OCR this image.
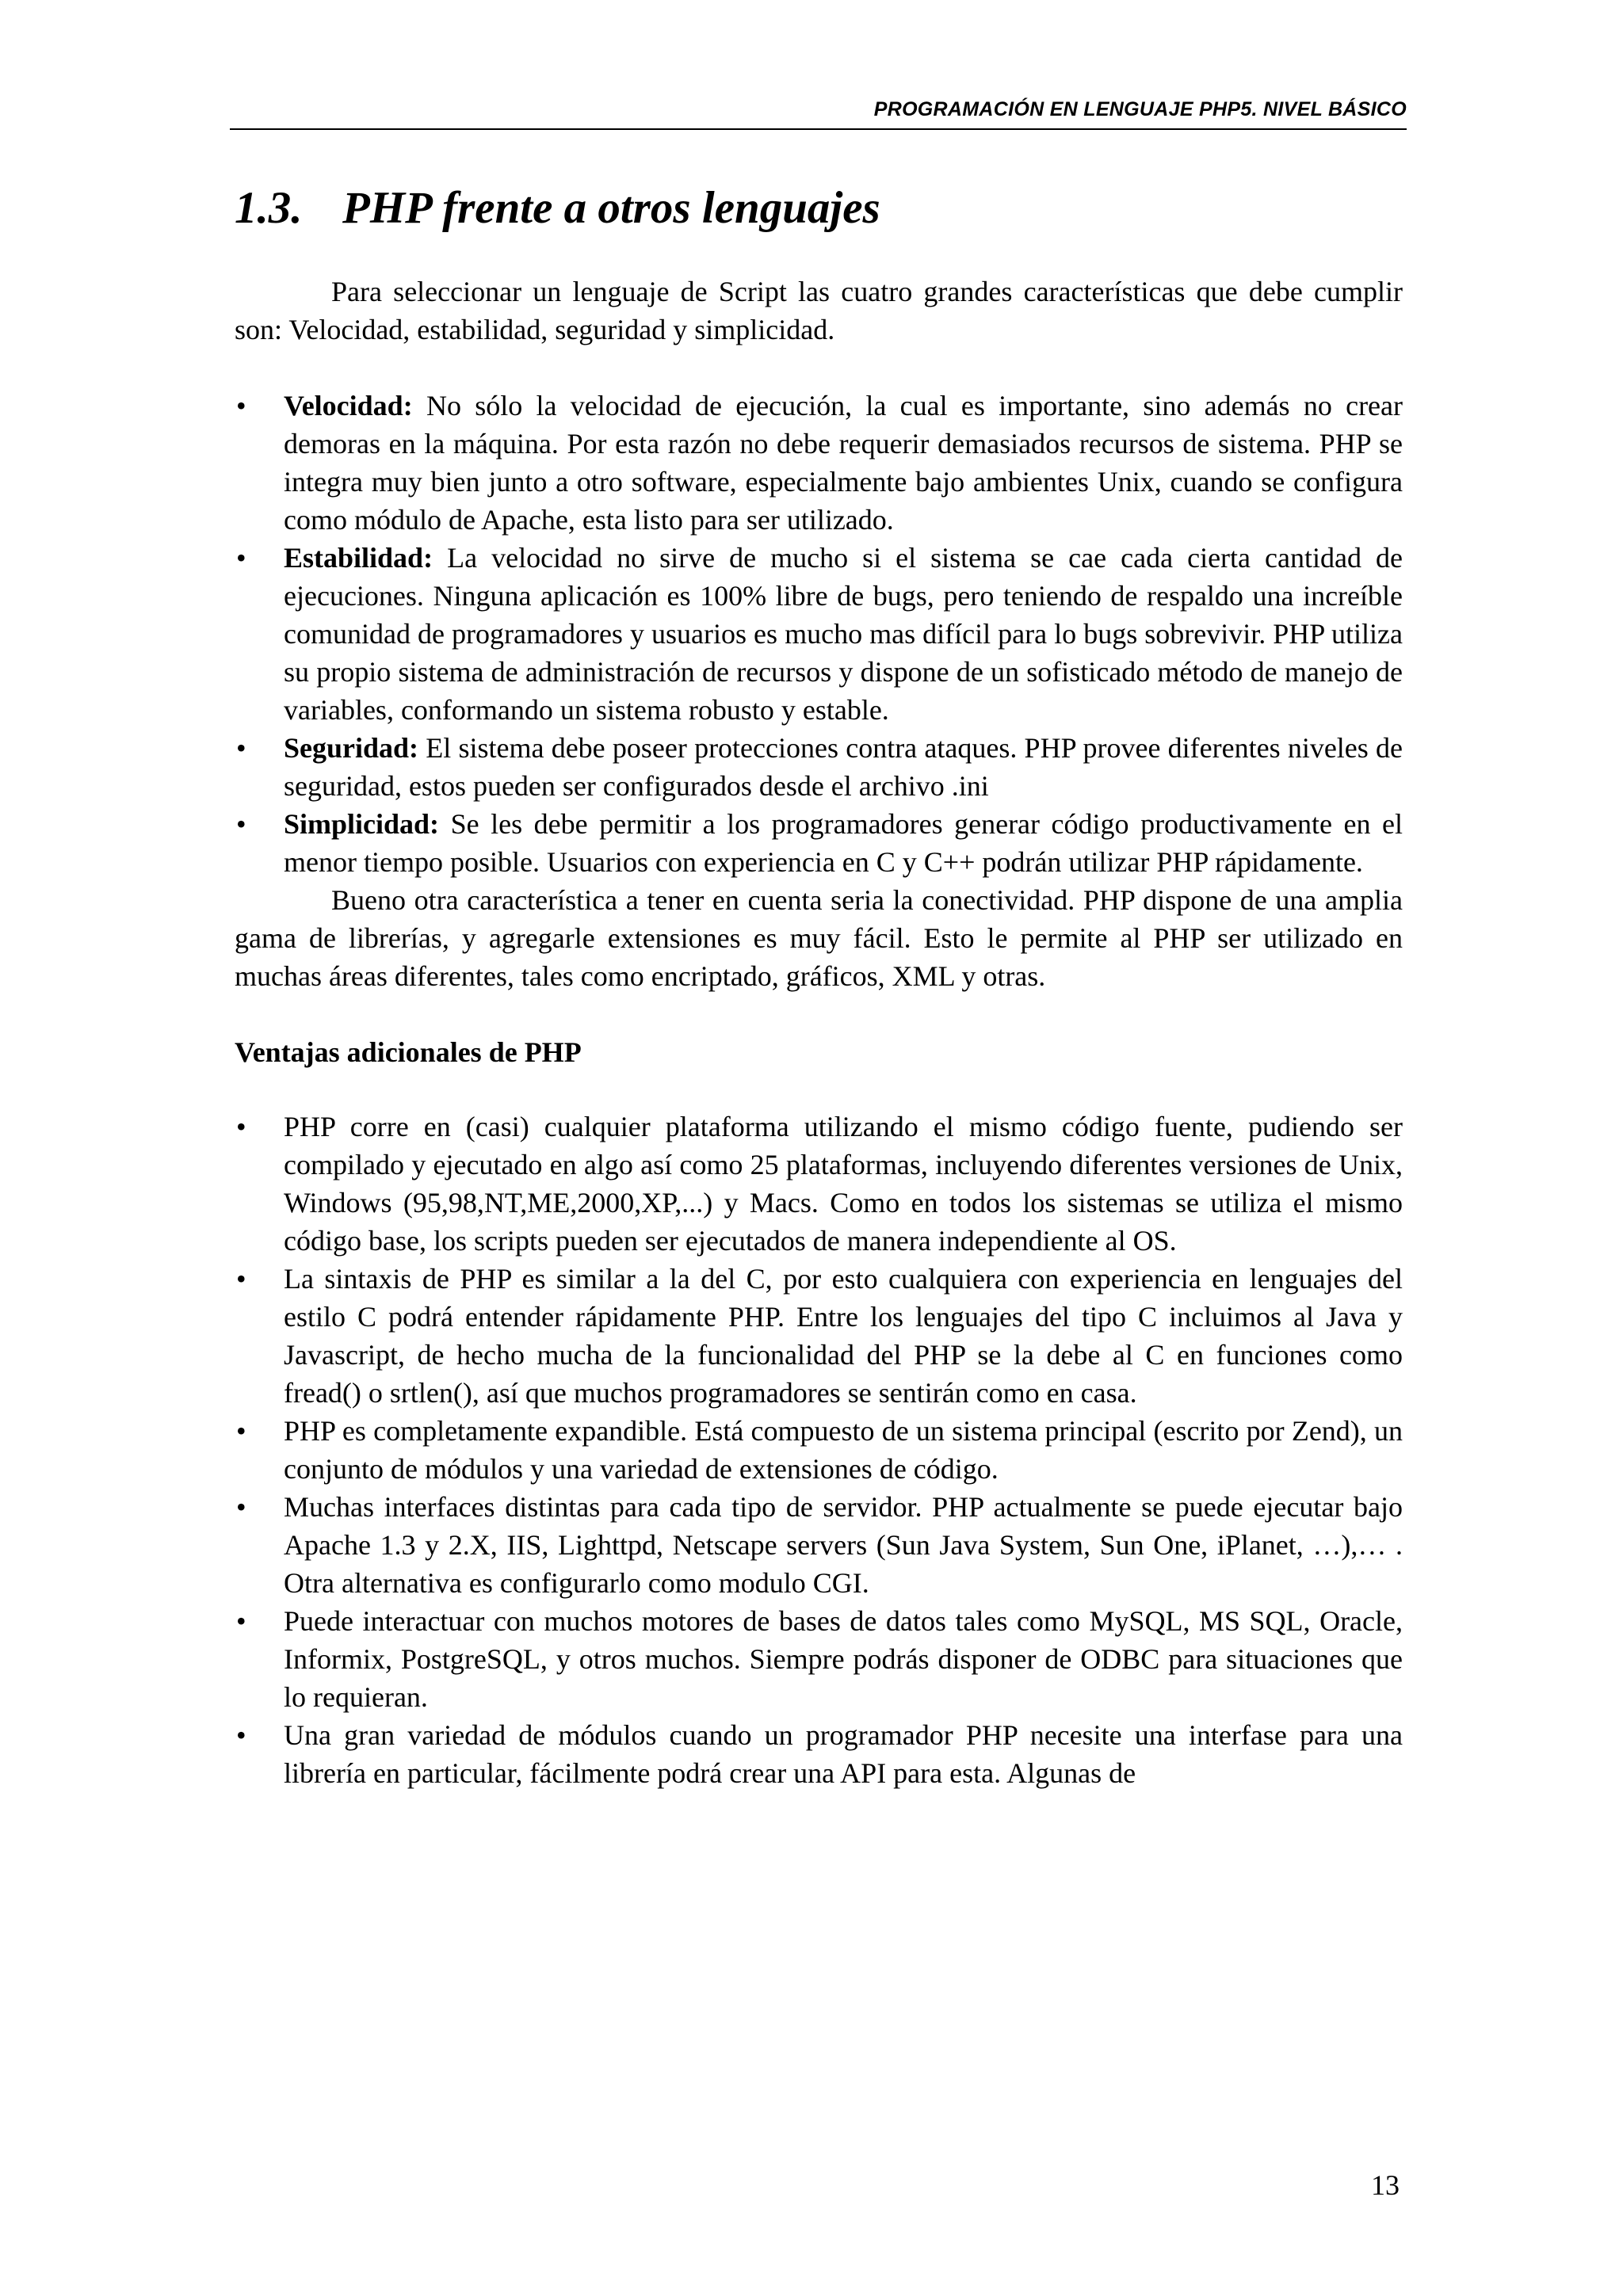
PROGRAMACIÓN EN LENGUAJE PHP5. NIVEL BÁSICO
1.3. PHP frente a otros lenguajes

Para seleccionar un lenguaje de Script las cuatro grandes características que debe cumplir son: Velocidad, estabilidad, seguridad y simplicidad.

•	Velocidad: No sólo la velocidad de ejecución, la cual es importante, sino además no crear demoras en la máquina. Por esta razón no debe requerir demasiados recursos de sistema. PHP se integra muy bien junto a otro software, especialmente bajo ambientes Unix, cuando se configura como módulo de Apache, esta listo para ser utilizado.
•	Estabilidad: La velocidad no sirve de mucho si el sistema se cae cada cierta cantidad de ejecuciones. Ninguna aplicación es 100% libre de bugs, pero teniendo de respaldo una increíble comunidad de programadores y usuarios es mucho mas difícil para lo bugs sobrevivir. PHP utiliza su propio sistema de administración de recursos y dispone de un sofisticado método de manejo de variables, conformando un sistema robusto y estable.
•	Seguridad: El sistema debe poseer protecciones contra ataques. PHP provee diferentes niveles de seguridad, estos pueden ser configurados desde el archivo .ini
•	Simplicidad: Se les debe permitir a los programadores generar código productivamente en el menor tiempo posible. Usuarios con experiencia en C y C++ podrán utilizar PHP rápidamente.

Bueno otra característica a tener en cuenta seria la conectividad. PHP dispone de una amplia gama de librerías, y agregarle extensiones es muy fácil. Esto le permite al PHP ser utilizado en muchas áreas diferentes, tales como encriptado, gráficos, XML y otras.

Ventajas adicionales de PHP
•	PHP corre en (casi) cualquier plataforma utilizando el mismo código fuente, pudiendo ser compilado y ejecutado en algo así como 25 plataformas, incluyendo diferentes versiones de Unix, Windows (95,98,NT,ME,2000,XP,...) y Macs. Como en todos los sistemas se utiliza el mismo código base, los scripts pueden ser ejecutados de manera independiente al OS.
•	La sintaxis de PHP es similar a la del C, por esto cualquiera con experiencia en lenguajes del estilo C podrá entender rápidamente PHP. Entre los lenguajes del tipo C incluimos al Java y Javascript, de hecho mucha de la funcionalidad del PHP se la debe al C en funciones como fread() o srtlen(), así que muchos programadores se sentirán como en casa.
•	PHP es completamente expandible. Está compuesto de un sistema principal (escrito por Zend), un conjunto de módulos y una variedad de extensiones de código.
•	Muchas interfaces distintas para cada tipo de servidor. PHP actualmente se puede ejecutar bajo Apache 1.3 y 2.X, IIS, Lighttpd, Netscape servers (Sun Java System, Sun One, iPlanet, …),… . Otra alternativa es configurarlo como modulo CGI.
•	Puede interactuar con muchos motores de bases de datos tales como MySQL, MS SQL, Oracle, Informix, PostgreSQL, y otros muchos. Siempre podrás disponer de ODBC para situaciones que lo requieran.
•	Una gran variedad de módulos cuando un programador PHP necesite una interfase para una librería en particular, fácilmente podrá crear una API para esta. Algunas de
13
